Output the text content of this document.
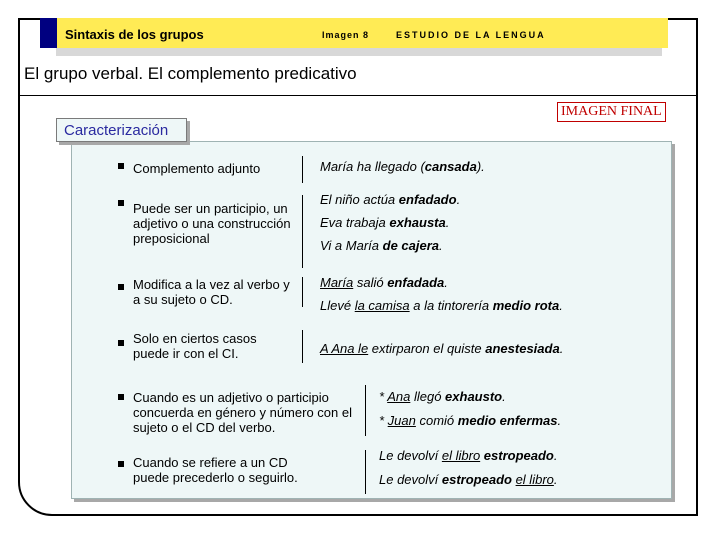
Sintaxis de los grupos	Imagen 8	ESTUDIO DE LA LENGUA
El grupo verbal. El complemento predicativo
IMAGEN FINAL
Caracterización
Complemento adjunto
Puede ser un participio, un adjetivo o una construcción preposicional
Modifica a la vez al verbo y a su sujeto o CD.
Solo en ciertos casos puede ir con el CI.
Cuando es un adjetivo o participio concuerda en género y número con el sujeto o el CD del verbo.
Cuando se refiere a un CD puede precederlo o seguirlo.
María ha llegado (cansada).
El niño actúa enfadado.
Eva trabaja exhausta.
Vi a María de cajera.
María salió enfadada.
Llevé la camisa a la tintorería medio rota.
A Ana le extirparon el quiste anestesiada.
* Ana llegó exhausto.
* Juan comió medio enfermas.
Le devolví el libro estropeado.
Le devolví estropeado el libro.
